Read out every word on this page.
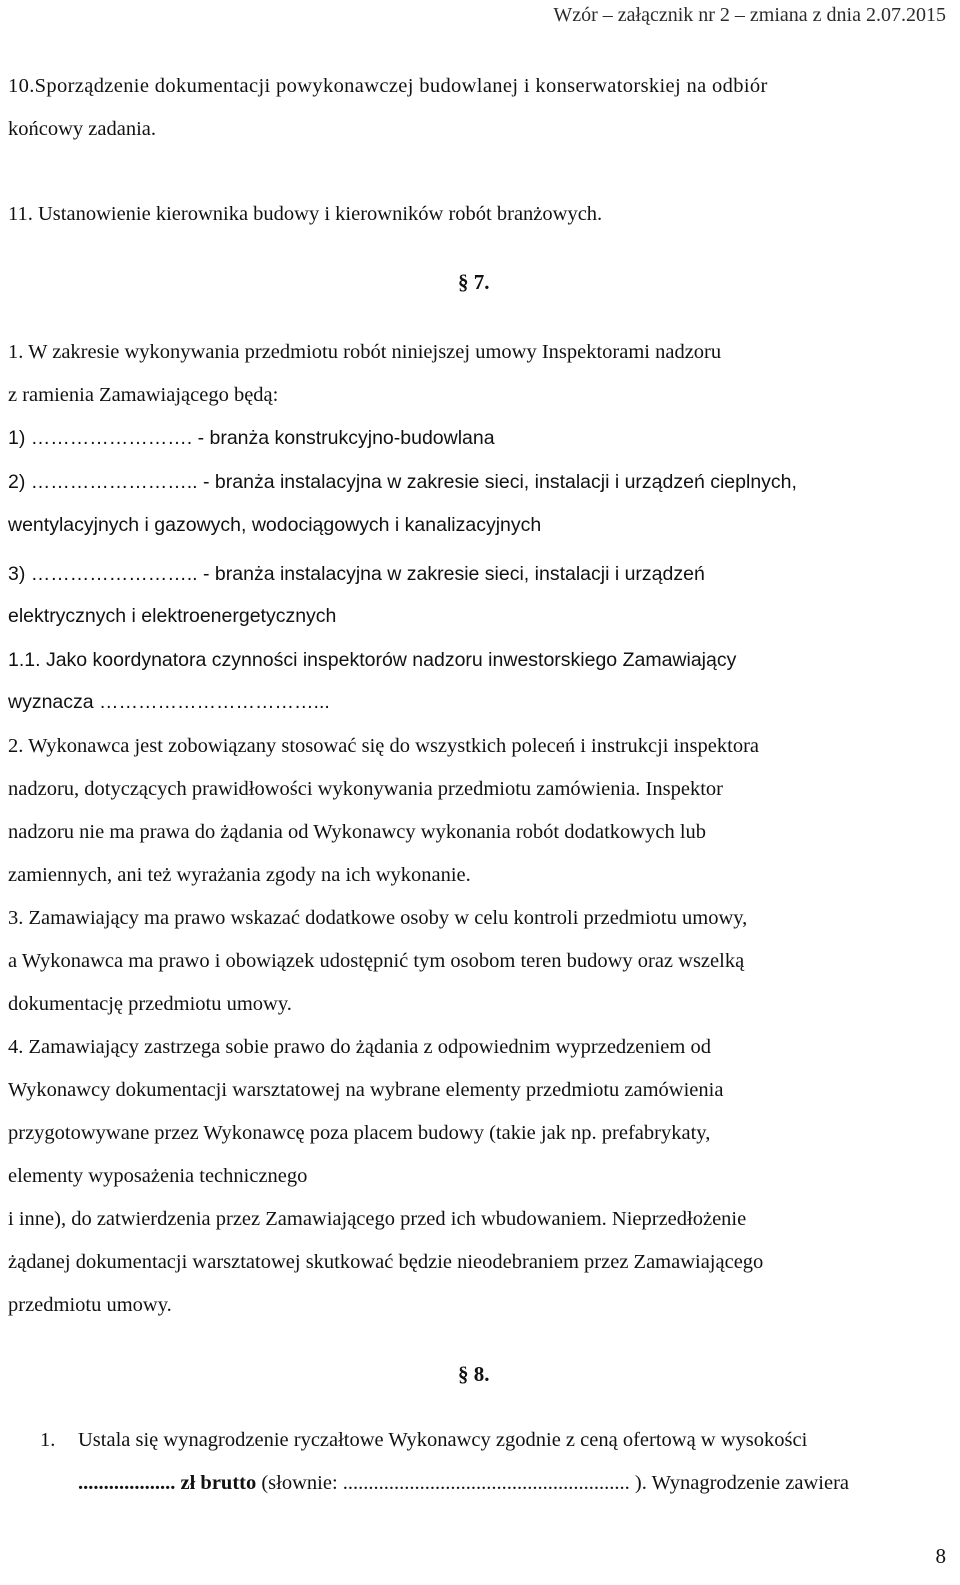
Wzór – załącznik nr 2 – zmiana z dnia 2.07.2015
10.Sporządzenie dokumentacji powykonawczej budowlanej i konserwatorskiej na odbiór
końcowy zadania.
11. Ustanowienie kierownika budowy i kierowników robót branżowych.
§ 7.
1. W zakresie wykonywania przedmiotu robót niniejszej umowy Inspektorami nadzoru
z ramienia Zamawiającego będą:
1) ……………………. - branża konstrukcyjno-budowlana
2) …………………….. - branża instalacyjna w zakresie sieci, instalacji i urządzeń cieplnych,
wentylacyjnych i gazowych, wodociągowych i kanalizacyjnych
3) …………………….. - branża instalacyjna w zakresie sieci, instalacji i urządzeń
elektrycznych i elektroenergetycznych
1.1. Jako koordynatora czynności inspektorów nadzoru inwestorskiego Zamawiający
wyznacza ……………………………...
2. Wykonawca jest zobowiązany stosować się do wszystkich poleceń i instrukcji inspektora
nadzoru, dotyczących prawidłowości wykonywania przedmiotu zamówienia. Inspektor
nadzoru nie ma prawa do żądania od Wykonawcy wykonania robót dodatkowych lub
zamiennych, ani też wyrażania zgody na ich wykonanie.
3. Zamawiający ma prawo wskazać dodatkowe osoby w celu kontroli przedmiotu umowy,
a Wykonawca ma prawo i obowiązek udostępnić tym osobom teren budowy oraz wszelką
dokumentację przedmiotu umowy.
4. Zamawiający zastrzega sobie prawo do żądania z odpowiednim wyprzedzeniem od
Wykonawcy dokumentacji warsztatowej na wybrane elementy przedmiotu zamówienia
przygotowywane przez Wykonawcę poza placem budowy (takie jak np. prefabrykaty,
elementy wyposażenia technicznego
i inne), do zatwierdzenia przez Zamawiającego przed ich wbudowaniem. Nieprzedłożenie
żądanej dokumentacji warsztatowej skutkować będzie nieodebraniem przez Zamawiającego
przedmiotu umowy.
§ 8.
1.	Ustala się wynagrodzenie ryczałtowe Wykonawcy zgodnie z ceną ofertową w wysokości
................... zł brutto (słownie: ........................................................ ). Wynagrodzenie zawiera
8
